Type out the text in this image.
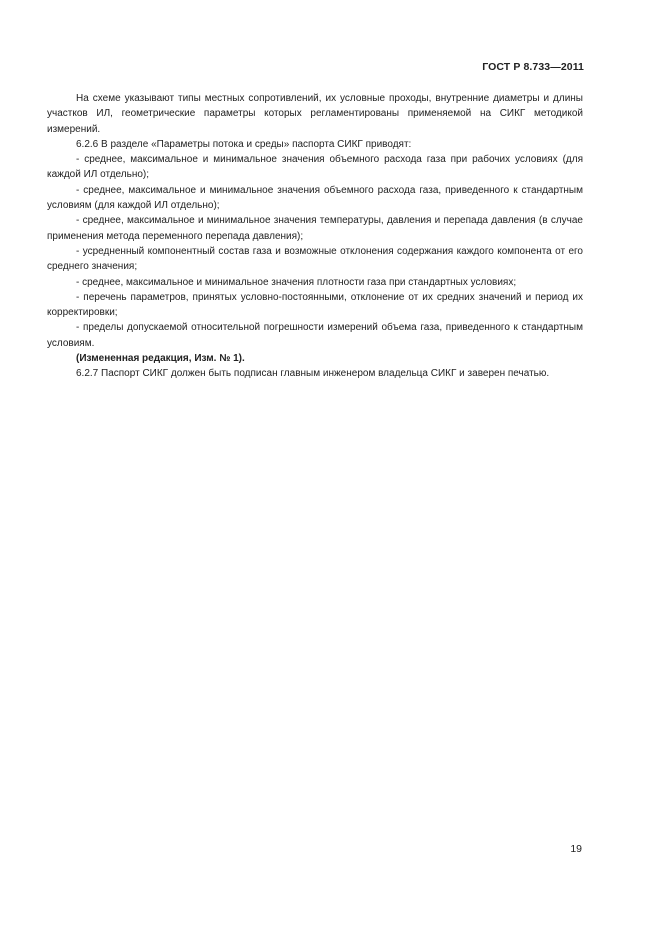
ГОСТ Р 8.733—2011

На схеме указывают типы местных сопротивлений, их условные проходы, внутренние диаметры и длины участков ИЛ, геометрические параметры которых регламентированы применяемой на СИКГ методикой измерений.

6.2.6 В разделе «Параметры потока и среды» паспорта СИКГ приводят:

- среднее, максимальное и минимальное значения объемного расхода газа при рабочих условиях (для каждой ИЛ отдельно);

- среднее, максимальное и минимальное значения объемного расхода газа, приведенного к стандартным условиям (для каждой ИЛ отдельно);

- среднее, максимальное и минимальное значения температуры, давления и перепада давления (в случае применения метода переменного перепада давления);

- усредненный компонентный состав газа и возможные отклонения содержания каждого компонента от его среднего значения;

- среднее, максимальное и минимальное значения плотности газа при стандартных условиях;

- перечень параметров, принятых условно-постоянными, отклонение от их средних значений и период их корректировки;

- пределы допускаемой относительной погрешности измерений объема газа, приведенного к стандартным условиям.

(Измененная редакция, Изм. № 1).

6.2.7 Паспорт СИКГ должен быть подписан главным инженером владельца СИКГ и заверен печатью.

19
